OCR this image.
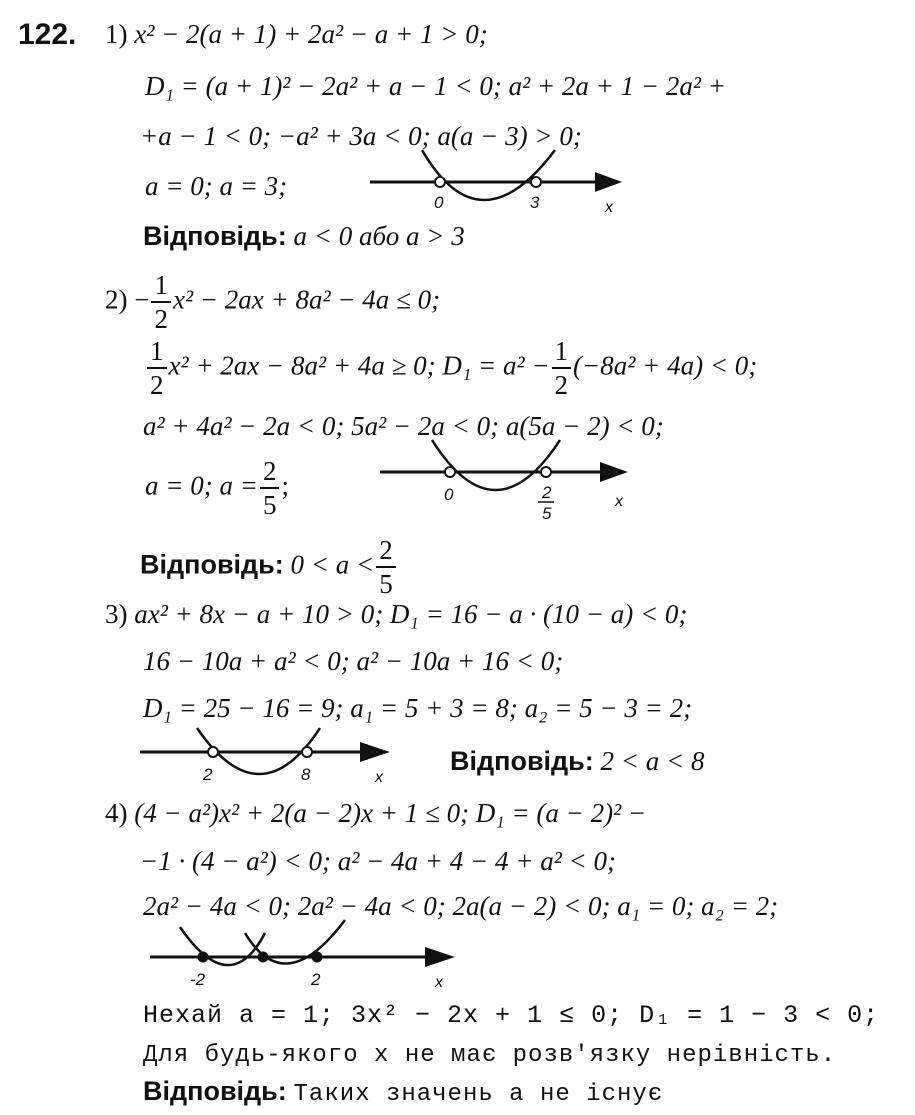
122. 1) x² − 2(a + 1) + 2a² − a + 1 > 0;
D₁ = (a + 1)² − 2a² + a − 1 < 0; a² + 2a + 1 − 2a² +
+a − 1 < 0; −a² + 3a < 0; a(a − 3) > 0;
a = 0; a = 3;
0	3	x
Відповідь: a < 0 або a > 3
$2) - \frac{1}{2} x^2 - 2ax + 8a^2 - 4a \le 0$;
$\frac{1}{2} x^2 + 2ax - 8a^2 + 4a \ge 0$; $D_1 = a^2 - \frac{1}{2} (-8a^2 + 4a) < 0$;
a² + 4a² − 2a < 0; 5a² − 2a < 0; a(5a − 2) < 0;
a = 0; $a = \frac{2}{5}$ ;	0	2
5
x
Відповідь: $0 < a < \frac{2}{5}$
3) ax² + 8x − a + 10 > 0; D₁ = 16 − a · (10 − a) < 0;
16 − 10a + a² < 0; a² − 10a + 16 < 0;
D₁ = 25 − 16 = 9; a₁ = 5 + 3 = 8; a₂ = 5 − 3 = 2;
2	8	x
Відповідь: 2 < a < 8
4) (4 − a²)x² + 2(a − 2)x + 1 ≤ 0; D₁ = (a − 2)² −
−1 · (4 − a²) < 0; a² − 4a + 4 − 4 + a² < 0;
2a² − 4a < 0; 2a² − 4a < 0; 2a(a − 2) < 0; a₁ = 0; a₂ = 2;
-2	2	x
Нехай a = 1; 3x² − 2x + 1 ≤ 0; D₁ = 1 − 3 < 0;
Для будь-якого x не має розв'язку нерівність.
Відповідь: Таких значень a не існує
